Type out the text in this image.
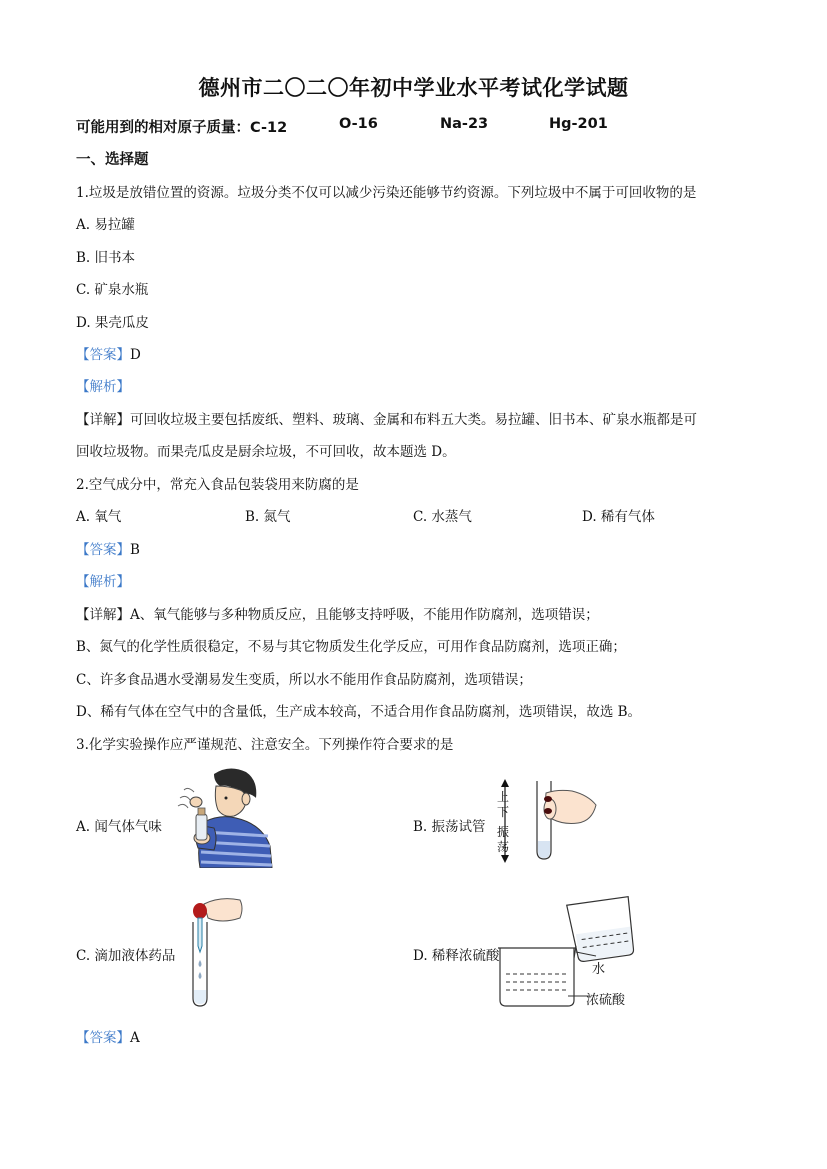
德州市二〇二〇年初中学业水平考试化学试题
可能用到的相对原子质量：C-12	O-16	Na-23	Hg-201
一、选择题
1.垃圾是放错位置的资源。垃圾分类不仅可以减少污染还能够节约资源。下列垃圾中不属于可回收物的是
A. 易拉罐
B. 旧书本
C. 矿泉水瓶
D. 果壳瓜皮
【答案】D
【解析】
【详解】可回收垃圾主要包括废纸、塑料、玻璃、金属和布料五大类。易拉罐、旧书本、矿泉水瓶都是可
回收垃圾物。而果壳瓜皮是厨余垃圾，不可回收，故本题选 D。
2.空气成分中，常充入食品包装袋用来防腐的是
A. 氧气	B. 氮气	C. 水蒸气	D. 稀有气体
【答案】B
【解析】
【详解】A、氧气能够与多种物质反应，且能够支持呼吸，不能用作防腐剂，选项错误；
B、氮气的化学性质很稳定，不易与其它物质发生化学反应，可用作食品防腐剂，选项正确；
C、许多食品遇水受潮易发生变质，所以水不能用作食品防腐剂，选项错误；
D、稀有气体在空气中的含量低，生产成本较高，不适合用作食品防腐剂，选项错误，故选 B。
3.化学实验操作应严谨规范、注意安全。下列操作符合要求的是
A. 闻气体气味	B. 振荡试管
C. 滴加液体药品	D. 稀释浓硫酸
上
下
振
荡
水
浓硫酸
【答案】A
